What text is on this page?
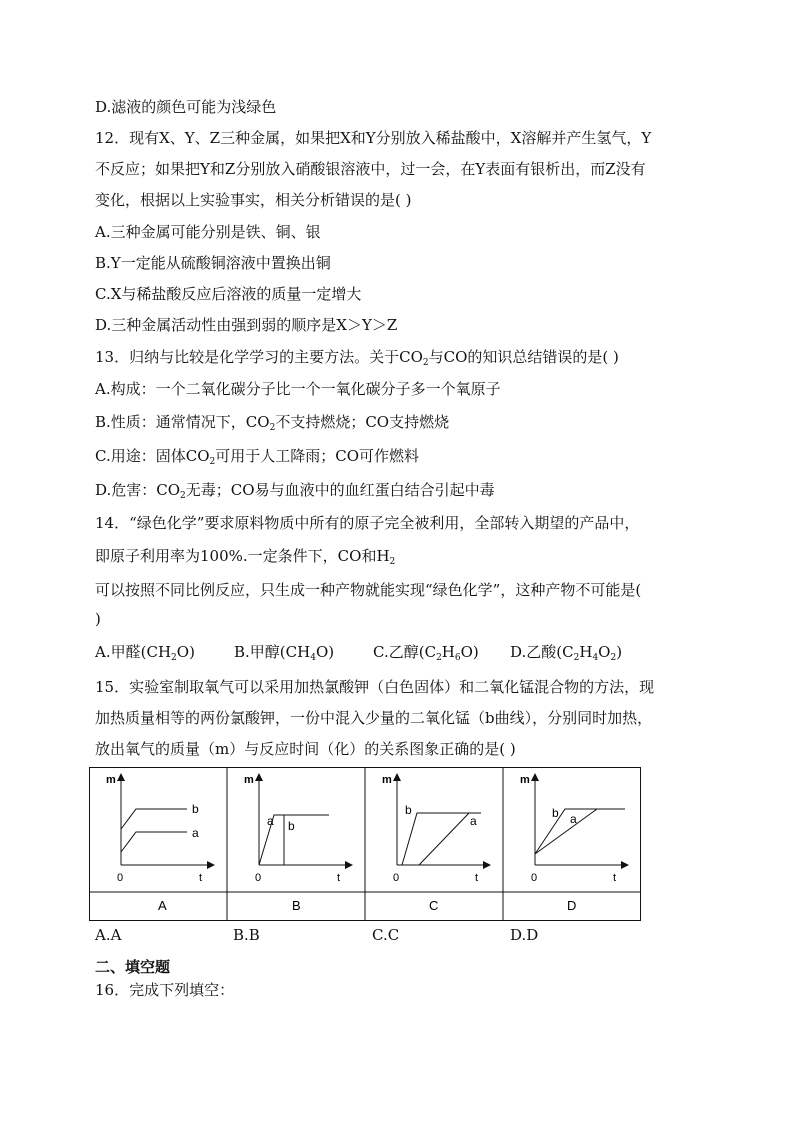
D.滤液的颜色可能为浅绿色
12．现有X、Y、Z三种金属，如果把X和Y分别放入稀盐酸中，X溶解并产生氢气，Y
不反应；如果把Y和Z分别放入硝酸银溶液中，过一会，在Y表面有银析出，而Z没有
变化，根据以上实验事实，相关分析错误的是( )
A.三种金属可能分别是铁、铜、银
B.Y一定能从硫酸铜溶液中置换出铜
C.X与稀盐酸反应后溶液的质量一定增大
D.三种金属活动性由强到弱的顺序是X＞Y＞Z
13．归纳与比较是化学学习的主要方法。关于$CO_2$与CO的知识总结错误的是( )
A.构成：一个二氧化碳分子比一个一氧化碳分子多一个氧原子
B.性质：通常情况下，$CO_2$不支持燃烧；CO支持燃烧
C.用途：固体$CO_2$可用于人工降雨；CO可作燃料
D.危害：$CO_2$无毒；CO易与血液中的血红蛋白结合引起中毒
14．“绿色化学”要求原料物质中所有的原子完全被利用，全部转入期望的产品中，
即原子利用率为100%.一定条件下，CO和$H_2$
可以按照不同比例反应，只生成一种产物就能实现“绿色化学”，这种产物不可能是(
)
A.甲醛$(CH_2O)$	B.甲醇$(CH_4O)$	C.乙醇$(C_2H_6O)$ D.乙酸$(C_2H_4O_2)$
15．实验室制取氧气可以采用加热氯酸钾（白色固体）和二氧化锰混合物的方法，现
加热质量相等的两份氯酸钾，一份中混入少量的二氧化锰（b曲线），分别同时加热，
放出氧气的质量（m）与反应时间（化）的关系图象正确的是( )
m
0	t
b
a
A
m
0	t
a b
B
m
0	t
b
a
C
m
0	t
b a
D
A.A	B.B	C.C	D.D
二、填空题
16．完成下列填空：
